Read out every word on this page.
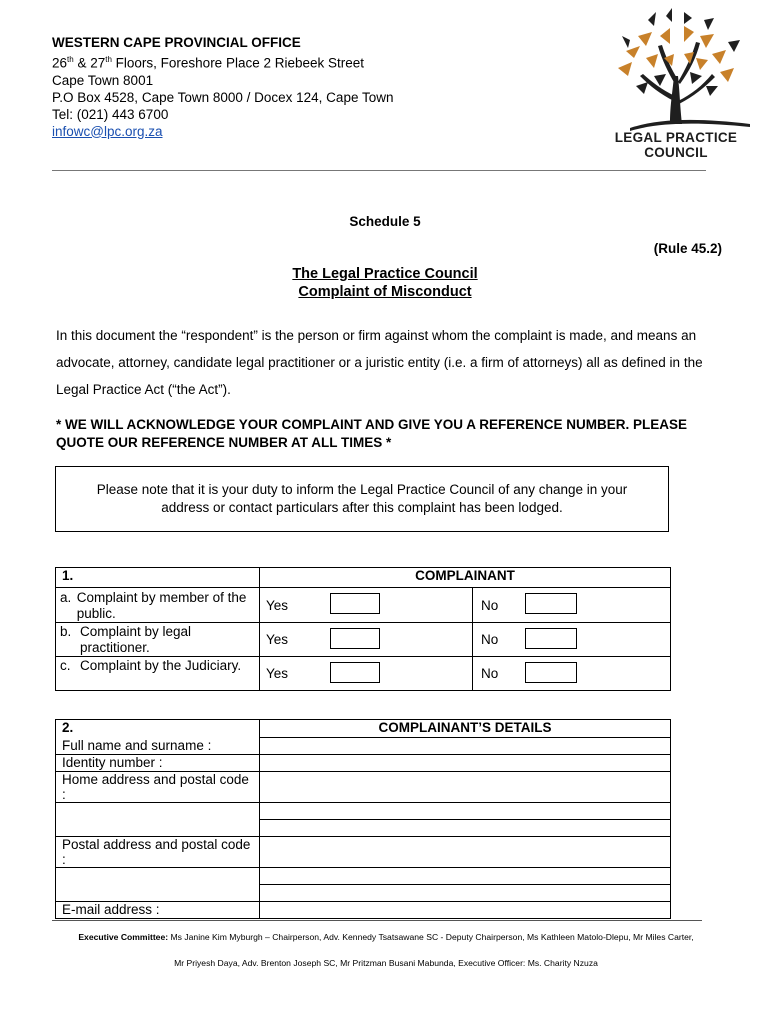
WESTERN CAPE PROVINCIAL OFFICE
26th & 27th Floors, Foreshore Place 2 Riebeek Street
Cape Town 8001
P.O Box 4528, Cape Town 8000 / Docex 124, Cape Town
Tel: (021) 443 6700
infowc@lpc.org.za	LEGAL PRACTICE
COUNCIL
Schedule 5
(Rule 45.2)
The Legal Practice Council
Complaint of Misconduct
In this document the “respondent” is the person or firm against whom the complaint is made, and means an advocate, attorney, candidate legal practitioner or a juristic entity (i.e. a firm of attorneys) all as defined in the Legal Practice Act (“the Act”).
* WE WILL ACKNOWLEDGE YOUR COMPLAINT AND GIVE YOU A REFERENCE NUMBER. PLEASE QUOTE OUR REFERENCE NUMBER AT ALL TIMES *
Please note that it is your duty to inform the Legal Practice Council of any change in your address or contact particulars after this complaint has been lodged.
1.	COMPLAINANT			

a. Complaint by member of the public.	Yes		No	

b. Complaint by legal practitioner.	Yes		No	

c. Complaint by the Judiciary.	Yes		No	
2.	COMPLAINANT’S DETAILS
Full name and surname :	
Identity number :	
Home address and postal code :	

Postal address and postal code :	

E-mail address :	
Executive Committee: Ms Janine Kim Myburgh – Chairperson, Adv. Kennedy Tsatsawane SC - Deputy Chairperson, Ms Kathleen Matolo-Dlepu, Mr Miles Carter,
Mr Priyesh Daya, Adv. Brenton Joseph SC, Mr Pritzman Busani Mabunda, Executive Officer: Ms. Charity Nzuza
